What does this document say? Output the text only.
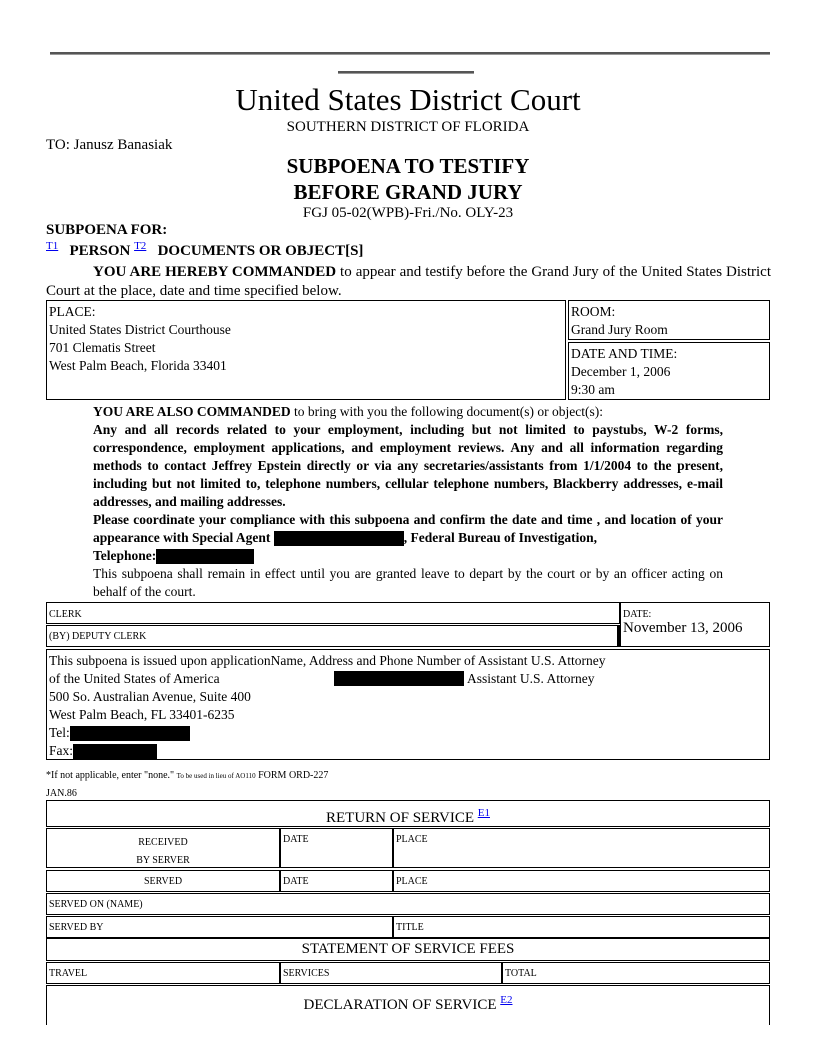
United States District Court
SOUTHERN DISTRICT OF FLORIDA
TO: Janusz Banasiak
SUBPOENA TO TESTIFY
BEFORE GRAND JURY
FGJ 05-02(WPB)-Fri./No. OLY-23
SUBPOENA FOR:
$^{T1}$ PERSON $^{T2}$ DOCUMENTS OR OBJECT[S]
YOU ARE HEREBY COMMANDED to appear and testify before the Grand Jury of the United States District Court at the place, date and time specified below.
PLACE:
United States District Courthouse
701 Clematis Street
West Palm Beach, Florida 33401
ROOM:
Grand Jury Room
DATE AND TIME:
December 1, 2006
9:30 am

YOU ARE ALSO COMMANDED to bring with you the following document(s) or object(s):

Any and all records related to your employment, including but not limited to paystubs, W-2 forms, correspondence, employment applications, and employment reviews. Any and all information regarding methods to contact Jeffrey Epstein directly or via any secretaries/assistants from 1/1/2004 to the present, including but not limited to, telephone numbers, cellular telephone numbers, Blackberry addresses, e-mail addresses, and mailing addresses.

Please coordinate your compliance with this subpoena and confirm the date and time , and location of your appearance with Special Agent	, Federal Bureau of Investigation,
Telephone:

This subpoena shall remain in effect until you are granted leave to depart by the court or by an officer acting on behalf of the court.

CLERK
(BY) DEPUTY CLERK
DATE:
November 13, 2006
This subpoena is issued upon applicationName, Address and Phone Number of Assistant U.S. Attorney
of the United States of America	Assistant U.S. Attorney
500 So. Australian Avenue, Suite 400
West Palm Beach, FL 33401-6235
Tel:
Fax:
*If not applicable, enter "none." To be used in lieu of AO110 FORM ORD-227
JAN.86
RETURN OF SERVICE $^{E1}$
RECEIVED
BY SERVER
DATE	PLACE
SERVED	DATE	PLACE
SERVED ON (NAME)
SERVED BY	TITLE
STATEMENT OF SERVICE FEES
TRAVEL	SERVICES	TOTAL
DECLARATION OF SERVICE $^{E2}$
